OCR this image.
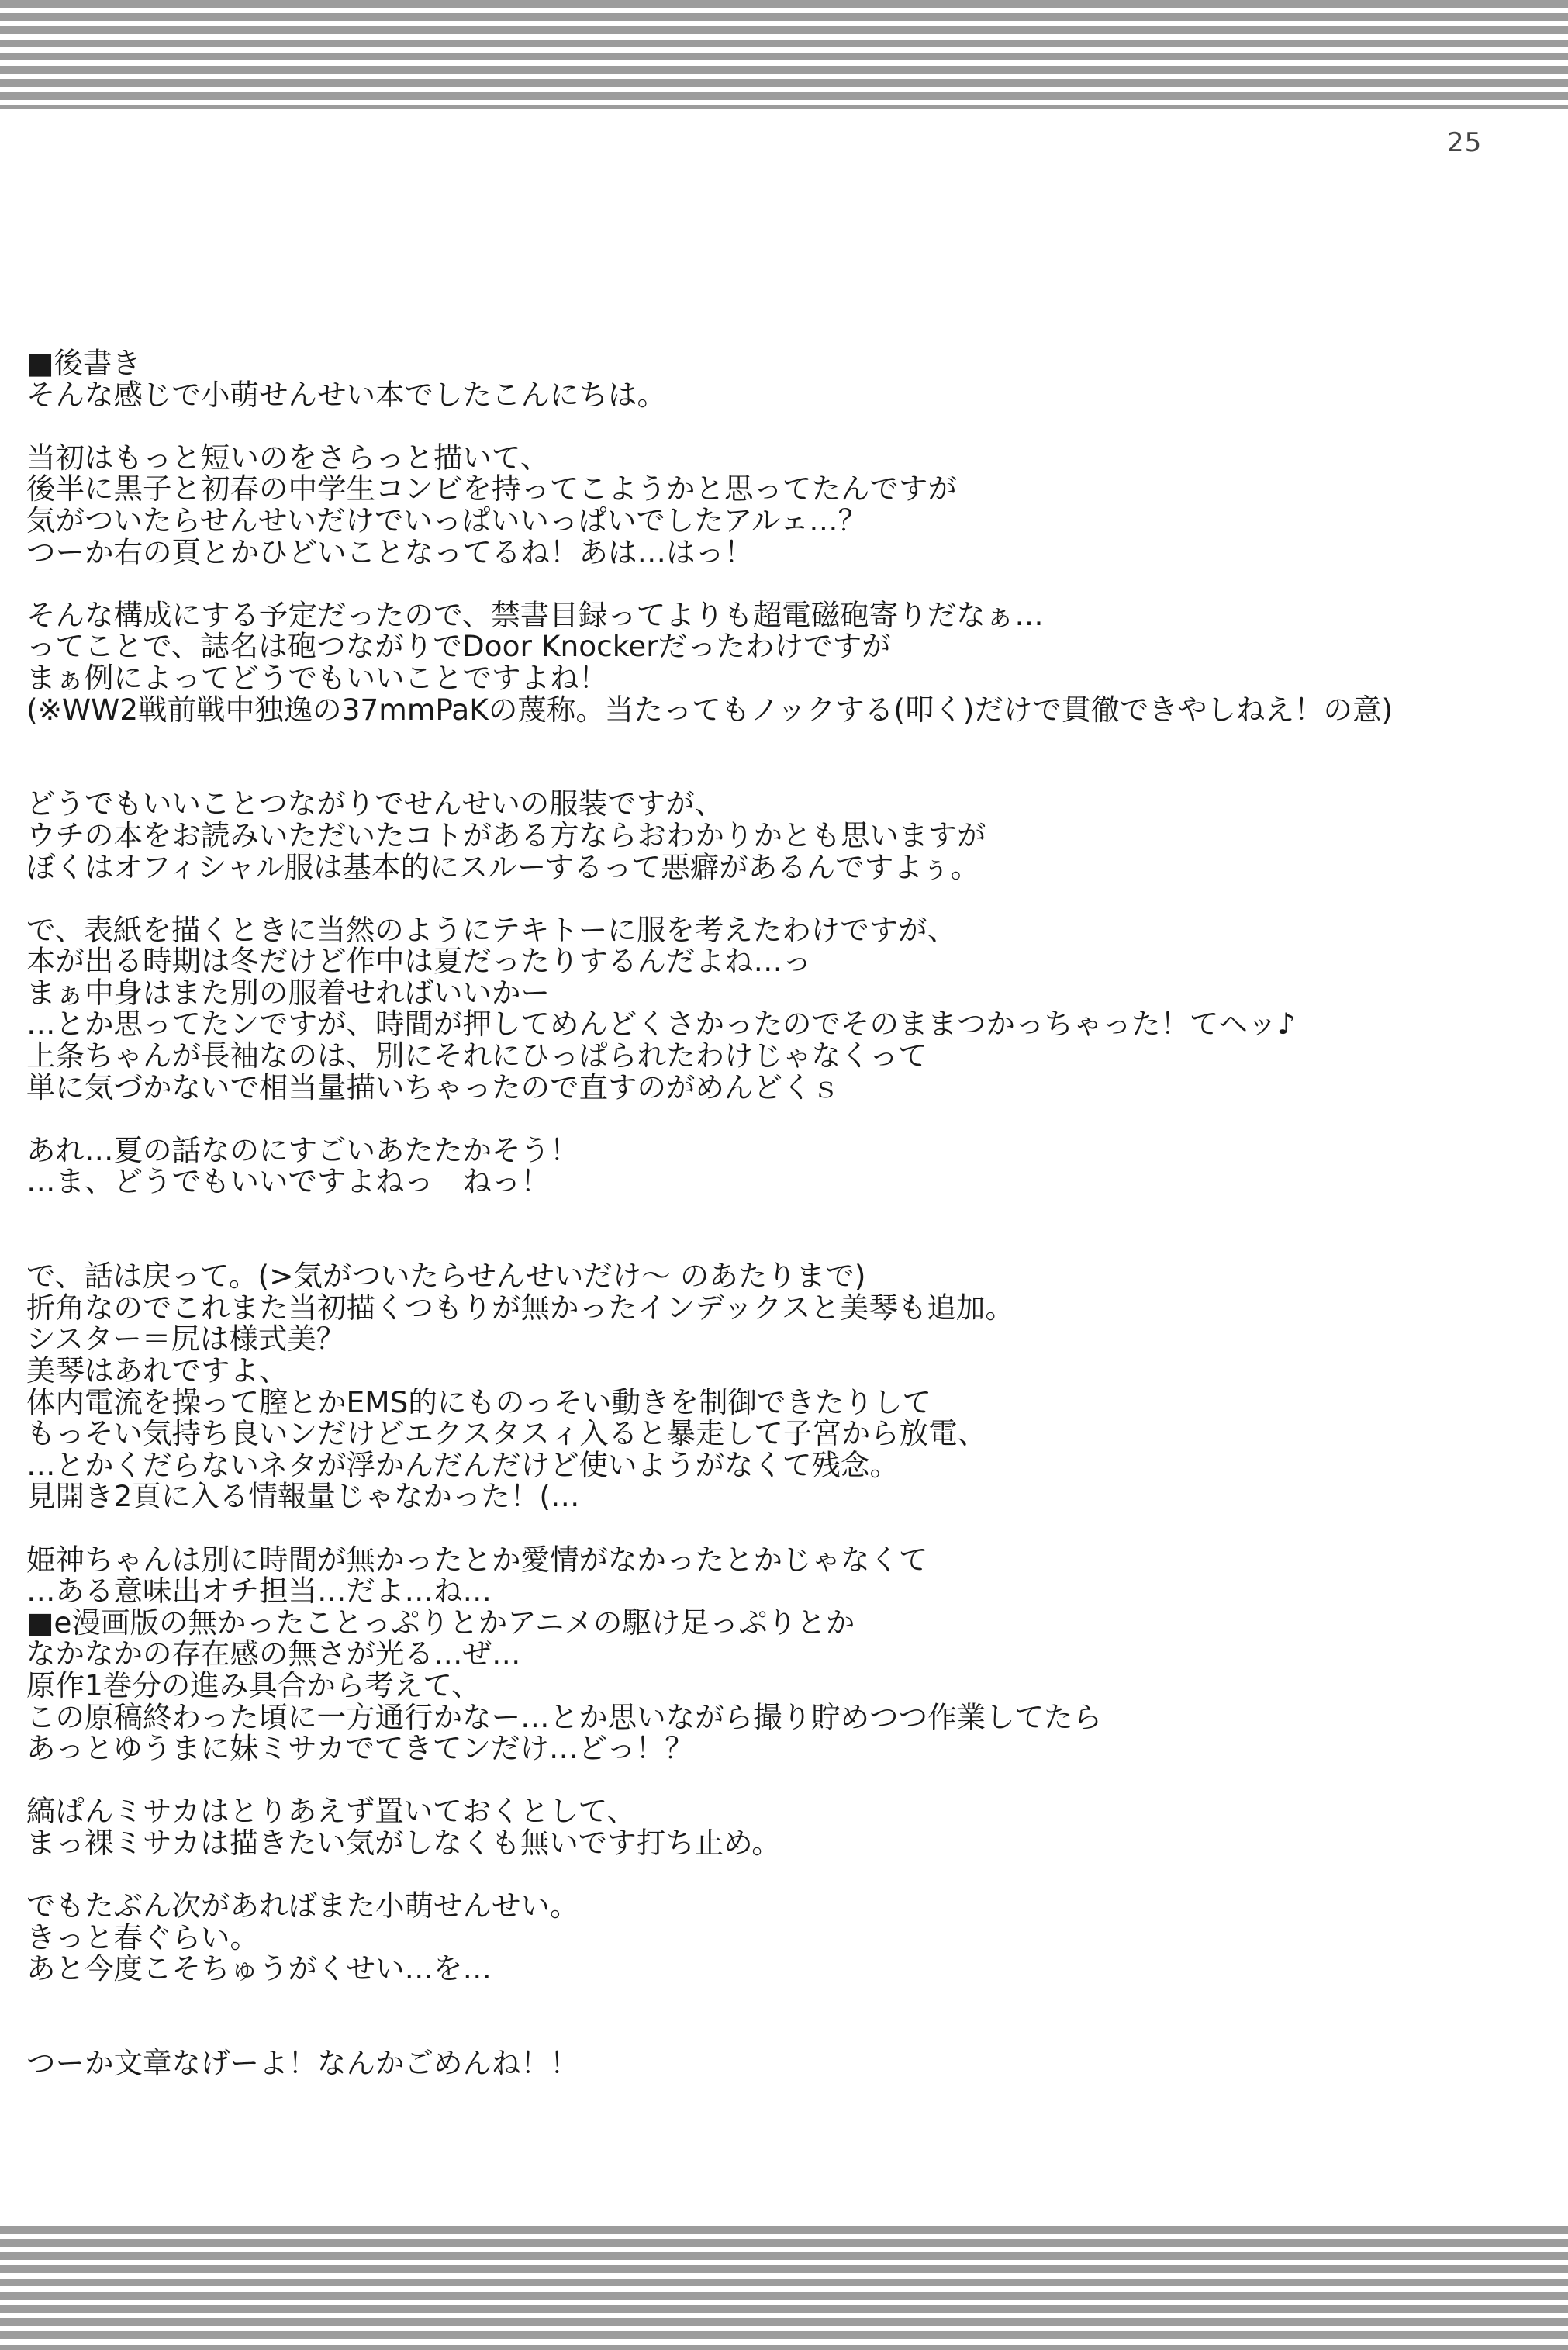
25
■後書き
そんな感じで小萌せんせい本でしたこんにちは。
当初はもっと短いのをさらっと描いて、
後半に黒子と初春の中学生コンビを持ってこようかと思ってたんですが
気がついたらせんせいだけでいっぱいいっぱいでしたアルェ…？
つーか右の頁とかひどいことなってるね！あは…はっ！
そんな構成にする予定だったので、禁書目録ってよりも超電磁砲寄りだなぁ…
ってことで、誌名は砲つながりでDoor Knockerだったわけですが
まぁ例によってどうでもいいことですよね！
(※WW2戦前戦中独逸の37mmPaKの蔑称。当たってもノックする(叩く)だけで貫徹できやしねえ！の意)
どうでもいいことつながりでせんせいの服装ですが、
ウチの本をお読みいただいたコトがある方ならおわかりかとも思いますが
ぼくはオフィシャル服は基本的にスルーするって悪癖があるんですよぅ。
で、表紙を描くときに当然のようにテキトーに服を考えたわけですが、
本が出る時期は冬だけど作中は夏だったりするんだよね…っ
まぁ中身はまた別の服着せればいいかー
…とか思ってたンですが、時間が押してめんどくさかったのでそのままつかっちゃった！てヘッ♪
上条ちゃんが長袖なのは、別にそれにひっぱられたわけじゃなくって
単に気づかないで相当量描いちゃったので直すのがめんどくｓ
あれ…夏の話なのにすごいあたたかそう！
…ま、どうでもいいですよねっ　ねっ！
で、話は戻って。(>気がついたらせんせいだけ～ のあたりまで)
折角なのでこれまた当初描くつもりが無かったインデックスと美琴も追加。
シスター＝尻は様式美？
美琴はあれですよ、
体内電流を操って膣とかEMS的にものっそい動きを制御できたりして
もっそい気持ち良いンだけどエクスタスィ入ると暴走して子宮から放電、
…とかくだらないネタが浮かんだんだけど使いようがなくて残念。
見開き2頁に入る情報量じゃなかった！(…
姫神ちゃんは別に時間が無かったとか愛情がなかったとかじゃなくて
…ある意味出オチ担当…だよ…ね…
■e漫画版の無かったことっぷりとかアニメの駆け足っぷりとか
なかなかの存在感の無さが光る…ぜ…
原作1巻分の進み具合から考えて、
この原稿終わった頃に一方通行かなー…とか思いながら撮り貯めつつ作業してたら
あっとゆうまに妹ミサカでてきてンだけ…どっ！？
縞ぱんミサカはとりあえず置いておくとして、
まっ裸ミサカは描きたい気がしなくも無いです打ち止め。
でもたぶん次があればまた小萌せんせい。
きっと春ぐらい。
あと今度こそちゅうがくせい…を…
つーか文章なげーよ！なんかごめんね！！
